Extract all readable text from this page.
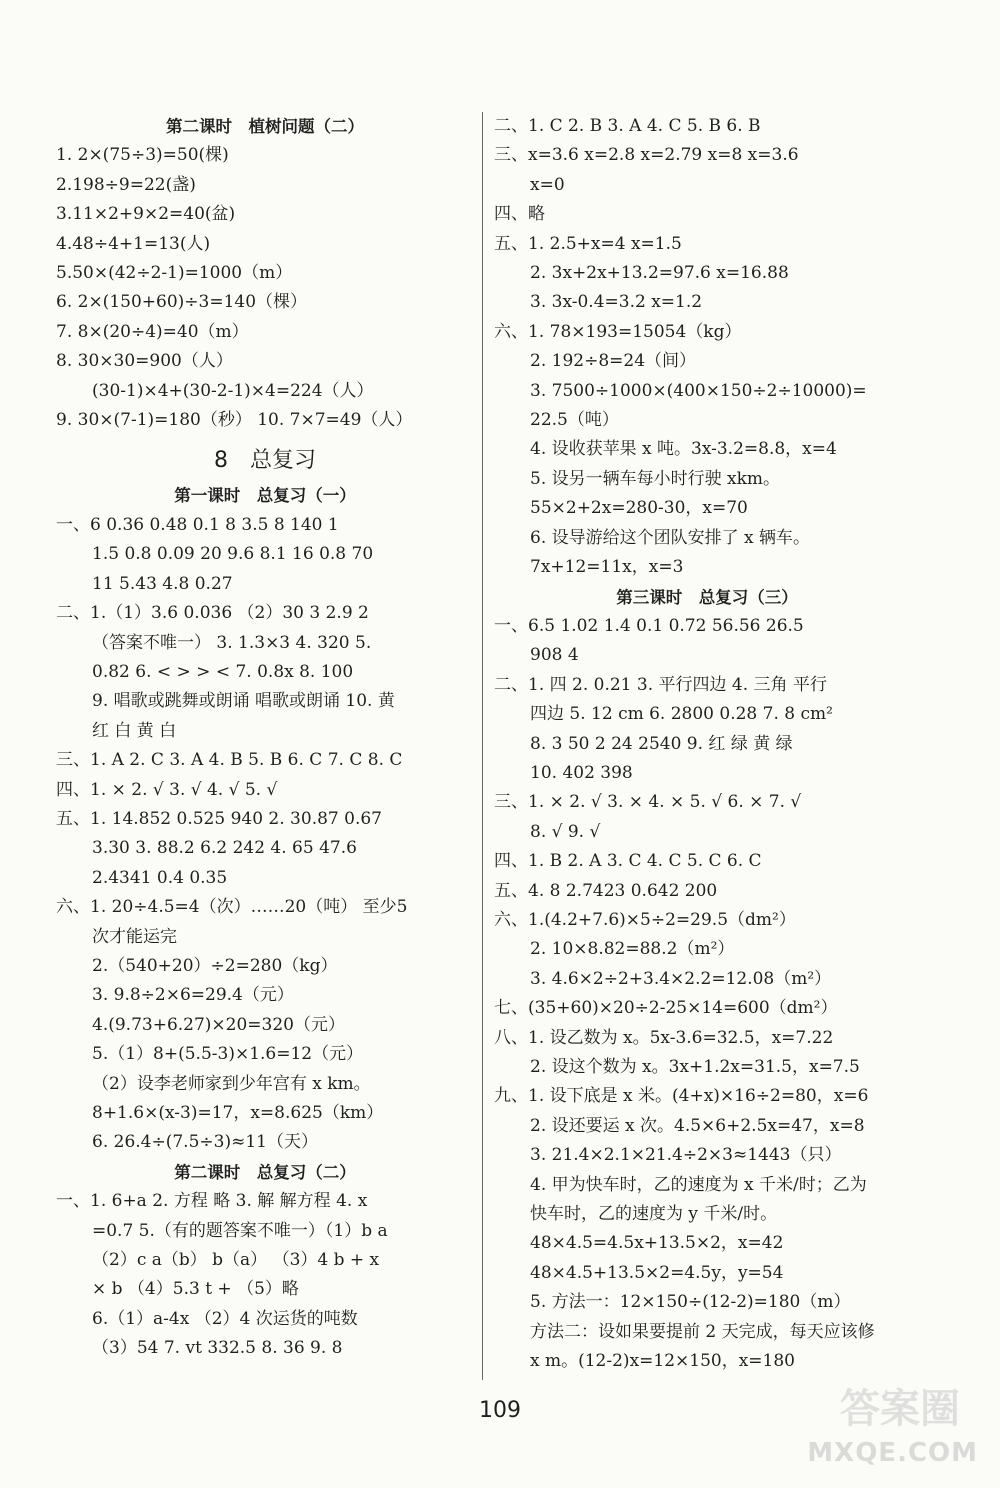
第二课时　植树问题（二）
1. 2×(75÷3)=50(棵)
2.198÷9=22(盏)
3.11×2+9×2=40(盆)
4.48÷4+1=13(人)
5.50×(42÷2-1)=1000（m）
6. 2×(150+60)÷3=140（棵）
7. 8×(20÷4)=40（m）
8. 30×30=900（人）
(30-1)×4+(30-2-1)×4=224（人）
9. 30×(7-1)=180（秒） 10. 7×7=49（人）
8　总复习
第一课时　总复习（一）
一、6 0.36 0.48 0.1 8 3.5 8 140 1
1.5 0.8 0.09 20 9.6 8.1 16 0.8 70
11 5.43 4.8 0.27
二、1.（1）3.6 0.036 （2）30 3 2.9 2
（答案不唯一） 3. 1.3×3 4. 320 5.
0.82 6. < > > < 7. 0.8x 8. 100
9. 唱歌或跳舞或朗诵 唱歌或朗诵 10. 黄
红 白 黄 白
三、1. A 2. C 3. A 4. B 5. B 6. C 7. C 8. C
四、1. × 2. √ 3. √ 4. √ 5. √
五、1. 14.852 0.525 940 2. 30.87 0.67
3.30 3. 88.2 6.2 242 4. 65 47.6
2.4341 0.4 0.35
六、1. 20÷4.5=4（次）……20（吨） 至少5
次才能运完
2.（540+20）÷2=280（kg）
3. 9.8÷2×6=29.4（元）
4.(9.73+6.27)×20=320（元）
5.（1）8+(5.5-3)×1.6=12（元）
（2）设李老师家到少年宫有 x km。
8+1.6×(x-3)=17，x=8.625（km）
6. 26.4÷(7.5÷3)≈11（天）
第二课时　总复习（二）
一、1. 6+a 2. 方程 略 3. 解 解方程 4. x
=0.7 5.（有的题答案不唯一）（1）b a
（2）c a（b） b（a） （3）4 b + x
× b （4）5.3 t + （5）略
6.（1）a-4x （2）4 次运货的吨数
（3）54 7. vt 332.5 8. 36 9. 8
二、1. C 2. B 3. A 4. C 5. B 6. B
三、x=3.6 x=2.8 x=2.79 x=8 x=3.6
x=0
四、略
五、1. 2.5+x=4 x=1.5
2. 3x+2x+13.2=97.6 x=16.88
3. 3x-0.4=3.2 x=1.2
六、1. 78×193=15054（kg）
2. 192÷8=24（间）
3. 7500÷1000×(400×150÷2÷10000)=
22.5（吨）
4. 设收获苹果 x 吨。3x-3.2=8.8，x=4
5. 设另一辆车每小时行驶 xkm。
55×2+2x=280-30，x=70
6. 设导游给这个团队安排了 x 辆车。
7x+12=11x，x=3
第三课时　总复习（三）
一、6.5 1.02 1.4 0.1 0.72 56.56 26.5
908 4
二、1. 四 2. 0.21 3. 平行四边 4. 三角 平行
四边 5. 12 cm 6. 2800 0.28 7. 8 cm²
8. 3 50 2 24 2540 9. 红 绿 黄 绿
10. 402 398
三、1. × 2. √ 3. × 4. × 5. √ 6. × 7. √
8. √ 9. √
四、1. B 2. A 3. C 4. C 5. C 6. C
五、4. 8 2.7423 0.642 200
六、1.(4.2+7.6)×5÷2=29.5（dm²）
2. 10×8.82=88.2（m²）
3. 4.6×2÷2+3.4×2.2=12.08（m²）
七、(35+60)×20÷2-25×14=600（dm²）
八、1. 设乙数为 x。5x-3.6=32.5，x=7.22
2. 设这个数为 x。3x+1.2x=31.5，x=7.5
九、1. 设下底是 x 米。(4+x)×16÷2=80，x=6
2. 设还要运 x 次。4.5×6+2.5x=47，x=8
3. 21.4×2.1×21.4÷2×3≈1443（只）
4. 甲为快车时，乙的速度为 x 千米/时；乙为
快车时，乙的速度为 y 千米/时。
48×4.5=4.5x+13.5×2，x=42
48×4.5+13.5×2=4.5y，y=54
5. 方法一：12×150÷(12-2)=180（m）
方法二：设如果要提前 2 天完成，每天应该修
x m。(12-2)x=12×150，x=180
109	答案圈
MXQE.COM
